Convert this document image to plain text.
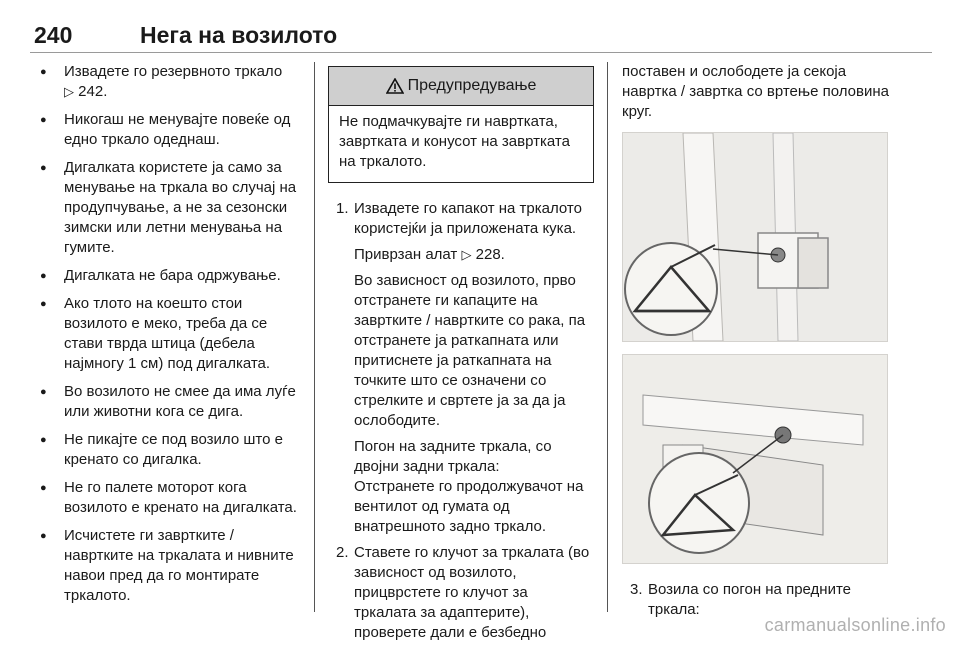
240	Нега на возилото
● Извадете го резервното тркало
▷ 242.
● Никогаш не менувајте повеќе од едно тркало одеднаш.
● Дигалката користете ја само за менување на тркала во случај на продупчување, а не за сезонски зимски или летни менувања на гумите.
● Дигалката не бара одржување.
● Ако тлото на коешто стои возилото е меко, треба да се стави тврда штица (дебела најмногу 1 см) под дигалката.
● Во возилото не смее да има луѓе или животни кога се дига.
● Не пикајте се под возило што е кренато со дигалка.
● Не го палете моторот кога возилото е кренато на дигалката.
● Исчистете ги завртките / навртките на тркалата и нивните навои пред да го монтирате тркалото.
Предупредување
Не подмачкувајте ги навртката, завртката и конусот на завртката на тркалото.
1. Извадете го капакот на тркалото користејќи ја приложената кука.

Приврзан алат ▷ 228.

Во зависност од возилото, прво отстранете ги капаците на завртките / навртките со рака, па отстранете ја раткапната или притиснете ја раткапната на точките што се означени со стрелките и свртете ја за да ја ослободите.

Погон на задните тркала, со двојни задни тркала:

Отстранете го продолжувачот на вентилот од гумата од внатрешното задно тркало.

2. Ставете го клучот за тркалата (во зависност од возилото, прицврстете го клучот за тркалата за адаптерите), проверете дали е безбедно

поставен и ослободете ја секоја навртка / завртка со вртење половина круг.

3. Возила со погон на предните тркала:
carmanualsonline.info
